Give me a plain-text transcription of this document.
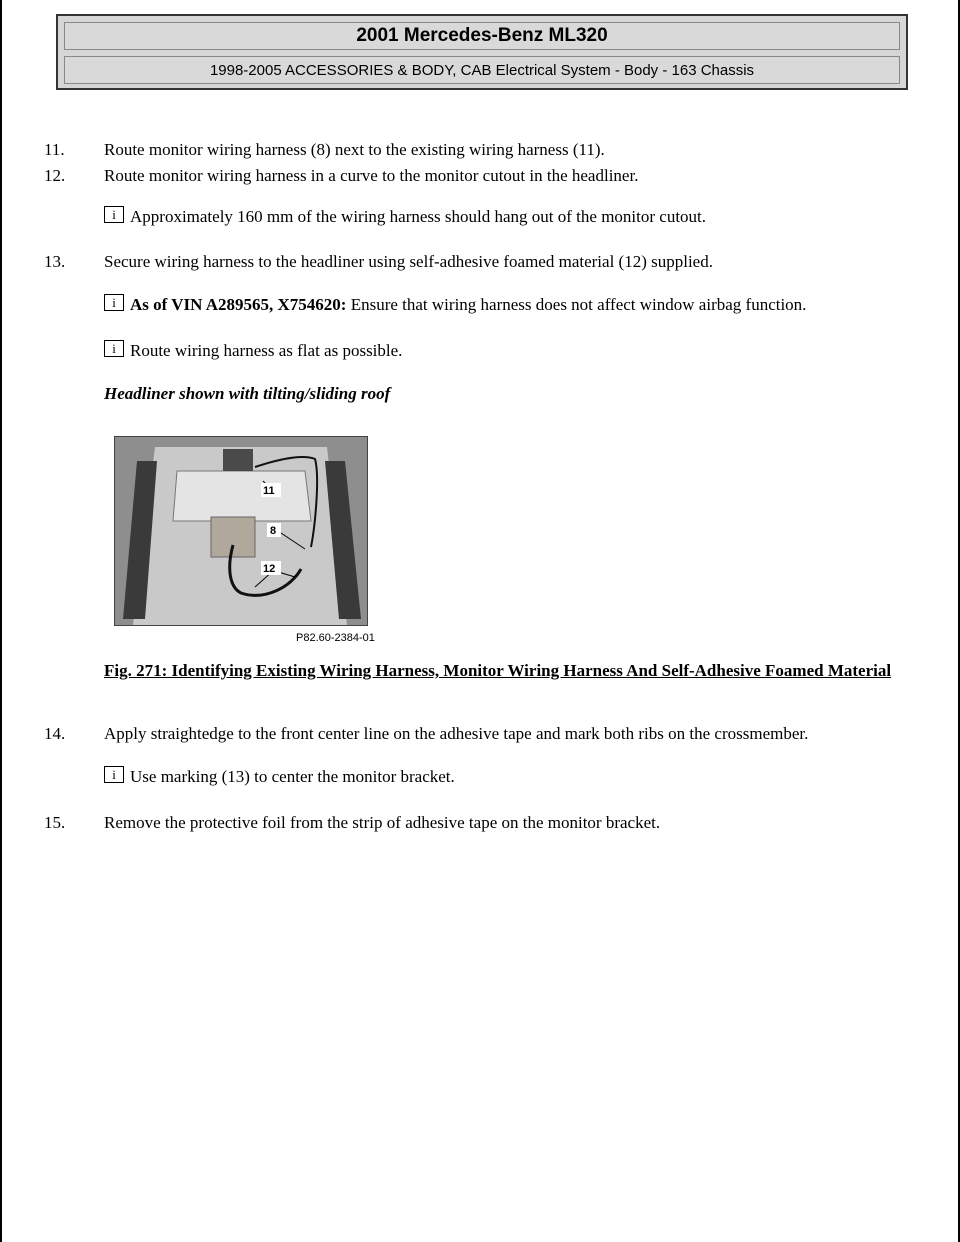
2001 Mercedes-Benz ML320
1998-2005 ACCESSORIES & BODY, CAB Electrical System - Body - 163 Chassis
11. Route monitor wiring harness (8) next to the existing wiring harness (11).
12. Route monitor wiring harness in a curve to the monitor cutout in the headliner.
i Approximately 160 mm of the wiring harness should hang out of the monitor cutout.
13. Secure wiring harness to the headliner using self-adhesive foamed material (12) supplied.
i As of VIN A289565, X754620: Ensure that wiring harness does not affect window airbag function.
i Route wiring harness as flat as possible.
Headliner shown with tilting/sliding roof
11
8
12
P82.60-2384-01
Fig. 271: Identifying Existing Wiring Harness, Monitor Wiring Harness And Self-Adhesive Foamed Material
14. Apply straightedge to the front center line on the adhesive tape and mark both ribs on the crossmember.
i Use marking (13) to center the monitor bracket.
15. Remove the protective foil from the strip of adhesive tape on the monitor bracket.
